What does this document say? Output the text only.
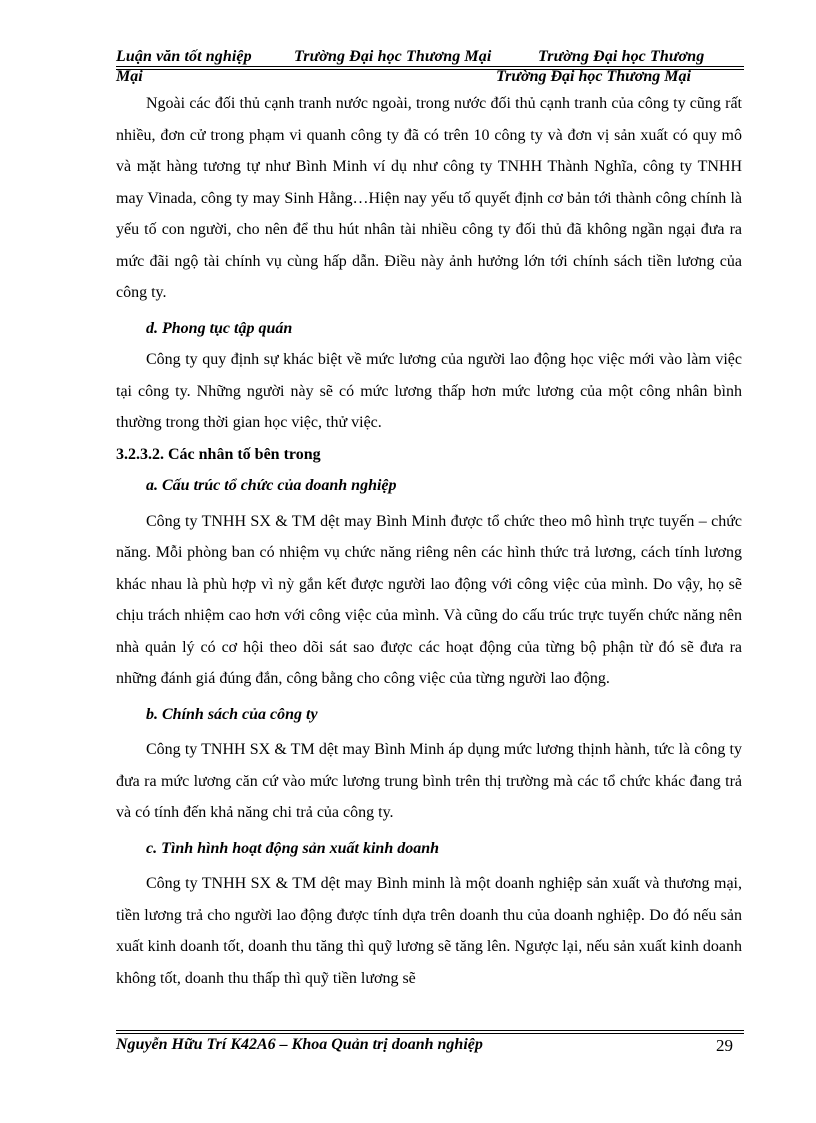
Luận văn tốt nghiệp	Trường Đại học Thương Mại	Trường Đại học Thương
Mại	Trường Đại học Thương Mại

Ngoài các đối thủ cạnh tranh nước ngoài, trong nước đối thủ cạnh tranh của công ty cũng rất nhiều, đơn cử trong phạm vi quanh công ty đã có trên 10 công ty và đơn vị sản xuất có quy mô và mặt hàng tương tự như Bình Minh ví dụ như công ty TNHH Thành Nghĩa, công ty TNHH may Vinada, công ty may Sinh Hằng…Hiện nay yếu tố quyết định cơ bản tới thành công chính là yếu tố con người, cho nên để thu hút nhân tài nhiều công ty đối thủ đã không ngần ngại đưa ra mức đãi ngộ tài chính vụ cùng hấp dẫn. Điều này ảnh hưởng lớn tới chính sách tiền lương của công ty.

d. Phong tục tập quán

Công ty quy định sự khác biệt về mức lương của người lao động học việc mới vào làm việc tại công ty. Những người này sẽ có mức lương thấp hơn mức lương của một công nhân bình thường trong thời gian học việc, thử việc.

3.2.3.2. Các nhân tố bên trong
a. Cấu trúc tổ chức của doanh nghiệp

Công ty TNHH SX & TM dệt may Bình Minh được tổ chức theo mô hình trực tuyến – chức năng. Mỗi phòng ban có nhiệm vụ chức năng riêng nên các hình thức trả lương, cách tính lương khác nhau là phù hợp vì nỳ gắn kết được người lao động với công việc của mình. Do vậy, họ sẽ chịu trách nhiệm cao hơn với công việc của mình. Và cũng do cấu trúc trực tuyến chức năng nên nhà quản lý có cơ hội theo dõi sát sao được các hoạt động của từng bộ phận từ đó sẽ đưa ra những đánh giá đúng đắn, công bằng cho công việc của từng người lao động.

b. Chính sách của công ty

Công ty TNHH SX & TM dệt may Bình Minh áp dụng mức lương thịnh hành, tức là công ty đưa ra mức lương căn cứ vào mức lương trung bình trên thị trường mà các tổ chức khác đang trả và có tính đến khả năng chi trả của công ty.

c. Tình hình hoạt động sản xuất kinh doanh

Công ty TNHH SX & TM dệt may Bình minh là một doanh nghiệp sản xuất và thương mại, tiền lương trả cho người lao động được tính dựa trên doanh thu của doanh nghiệp. Do đó nếu sản xuất kinh doanh tốt, doanh thu tăng thì quỹ lương sẽ tăng lên. Ngược lại, nếu sản xuất kinh doanh không tốt, doanh thu thấp thì quỹ tiền lương sẽ

Nguyễn Hữu Trí K42A6 – Khoa Quản trị doanh nghiệp	29
